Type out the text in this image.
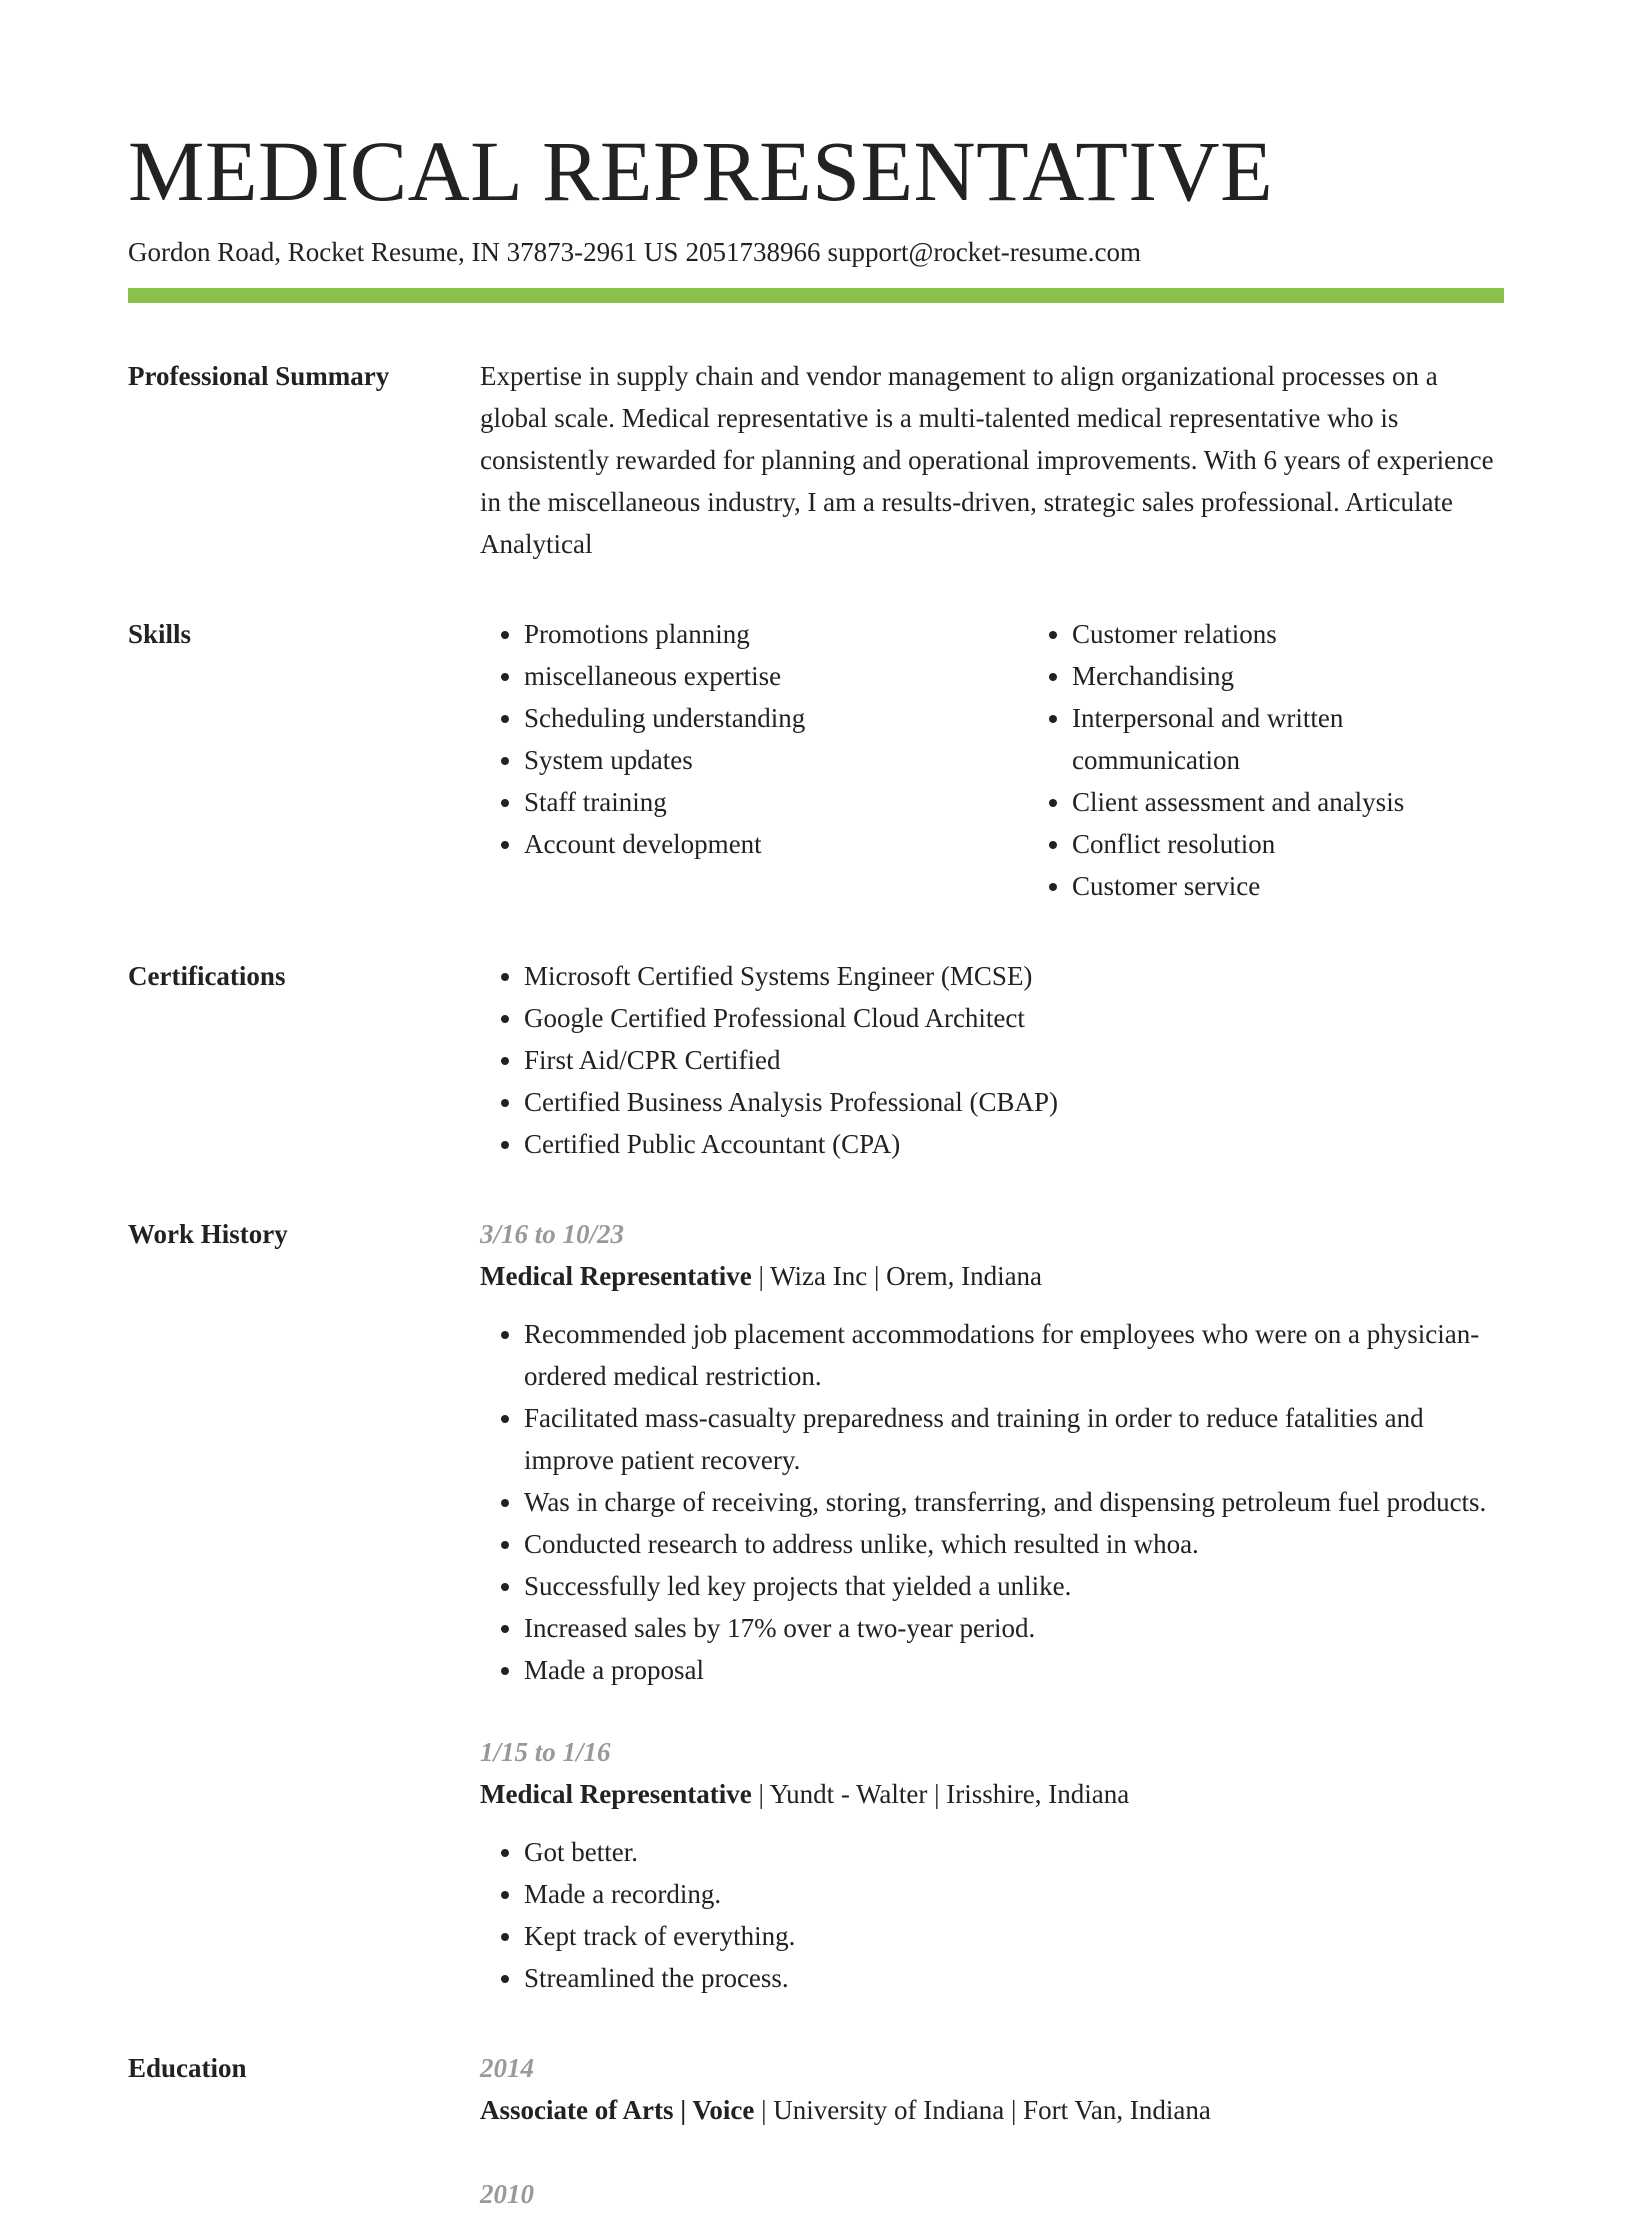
MEDICAL REPRESENTATIVE
Gordon Road, Rocket Resume, IN 37873-2961 US 2051738966 support@rocket-resume.com
Professional Summary	Expertise in supply chain and vendor management to align organizational processes on a global scale. Medical representative is a multi-talented medical representative who is consistently rewarded for planning and operational improvements. With 6 years of experience in the miscellaneous industry, I am a results-driven, strategic sales professional. Articulate Analytical

Skills	• Promotions planning
• miscellaneous expertise
• Scheduling understanding
• System updates
• Staff training
• Account development
• Customer relations
• Merchandising
• Interpersonal and written communication
• Client assessment and analysis
• Conflict resolution
• Customer service
Certifications	• Microsoft Certified Systems Engineer (MCSE)
• Google Certified Professional Cloud Architect
• First Aid/CPR Certified
• Certified Business Analysis Professional (CBAP)
• Certified Public Accountant (CPA)
Work History	3/16 to 10/23
Medical Representative | Wiza Inc | Orem, Indiana
• Recommended job placement accommodations for employees who were on a physician-ordered medical restriction.
• Facilitated mass-casualty preparedness and training in order to reduce fatalities and improve patient recovery.
• Was in charge of receiving, storing, transferring, and dispensing petroleum fuel products.
• Conducted research to address unlike, which resulted in whoa.
• Successfully led key projects that yielded a unlike.
• Increased sales by 17% over a two-year period.
• Made a proposal
1/15 to 1/16
Medical Representative | Yundt - Walter | Irisshire, Indiana
• Got better.
• Made a recording.
• Kept track of everything.
• Streamlined the process.
Education	2014
Associate of Arts | Voice | University of Indiana | Fort Van, Indiana
2010
